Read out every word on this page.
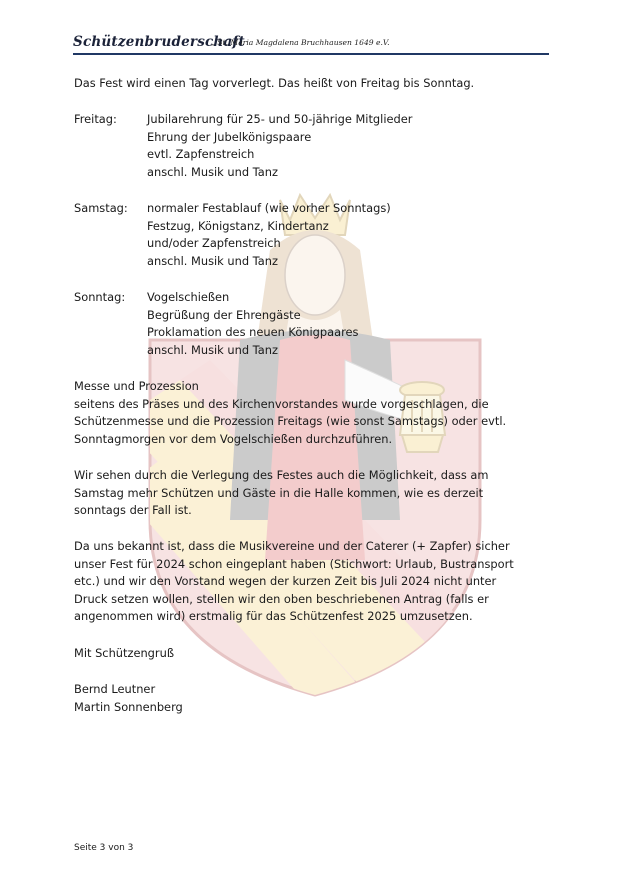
Schützenbruderschaft
„ St. Maria Magdalena Bruchhausen 1649 e.V.
Das Fest wird einen Tag vorverlegt. Das heißt von Freitag bis Sonntag.
Freitag:	Jubilarehrung für 25- und 50-jährige Mitglieder
Ehrung der Jubelkönigspaare
evtl. Zapfenstreich
anschl. Musik und Tanz
Samstag: normaler Festablauf (wie vorher Sonntags)
Festzug, Königstanz, Kindertanz
und/oder Zapfenstreich
anschl. Musik und Tanz
Sonntag: Vogelschießen
Begrüßung der Ehrengäste
Proklamation des neuen Königpaares
anschl. Musik und Tanz
Messe und Prozession
seitens des Präses und des Kirchenvorstandes wurde vorgeschlagen, die
Schützenmesse und die Prozession Freitags (wie sonst Samstags) oder evtl.
Sonntagmorgen vor dem Vogelschießen durchzuführen.
Wir sehen durch die Verlegung des Festes auch die Möglichkeit, dass am
Samstag mehr Schützen und Gäste in die Halle kommen, wie es derzeit
sonntags der Fall ist.
Da uns bekannt ist, dass die Musikvereine und der Caterer (+ Zapfer) sicher
unser Fest für 2024 schon eingeplant haben (Stichwort: Urlaub, Bustransport
etc.) und wir den Vorstand wegen der kurzen Zeit bis Juli 2024 nicht unter
Druck setzen wollen, stellen wir den oben beschriebenen Antrag (falls er
angenommen wird) erstmalig für das Schützenfest 2025 umzusetzen.
Mit Schützengruß
Bernd Leutner
Martin Sonnenberg
Seite 3 von 3
